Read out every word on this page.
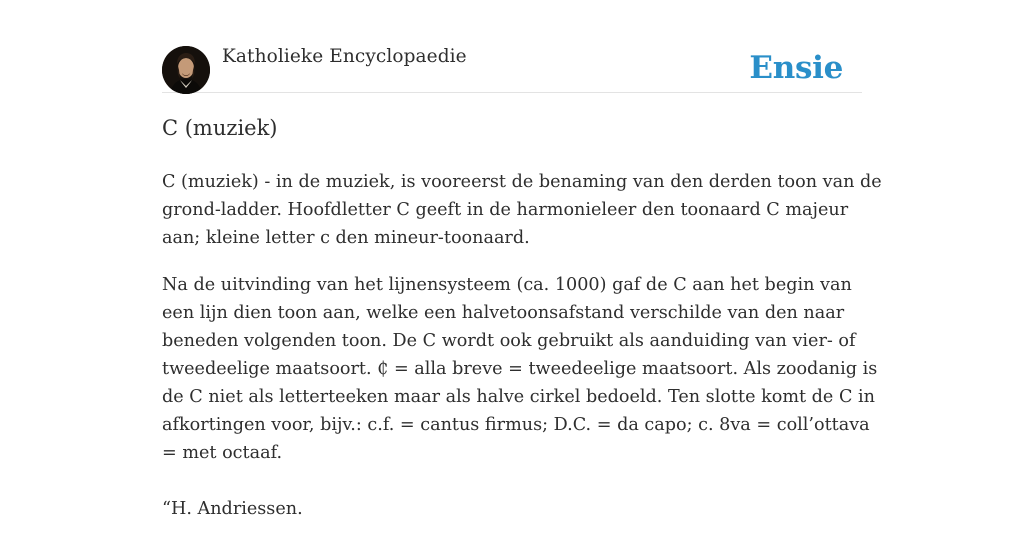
Katholieke Encyclopaedie	Ensie
C (muziek)

C (muziek) - in de muziek, is vooreerst de benaming van den derden toon van de grond-ladder. Hoofdletter C geeft in de harmonieleer den toonaard C majeur aan; kleine letter c den mineur-toonaard.

Na de uitvinding van het lijnensysteem (ca. 1000) gaf de C aan het begin van een lijn dien toon aan, welke een halvetoonsafstand verschilde van den naar beneden volgenden toon. De C wordt ook gebruikt als aanduiding van vier- of tweedeelige maatsoort. ₵ = alla breve = tweedeelige maatsoort. Als zoodanig is de C niet als letterteeken maar als halve cirkel bedoeld. Ten slotte komt de C in afkortingen voor, bijv.: c.f. = cantus firmus; D.C. = da capo; c. 8va = coll’ottava = met octaaf.

“H. Andriessen.
